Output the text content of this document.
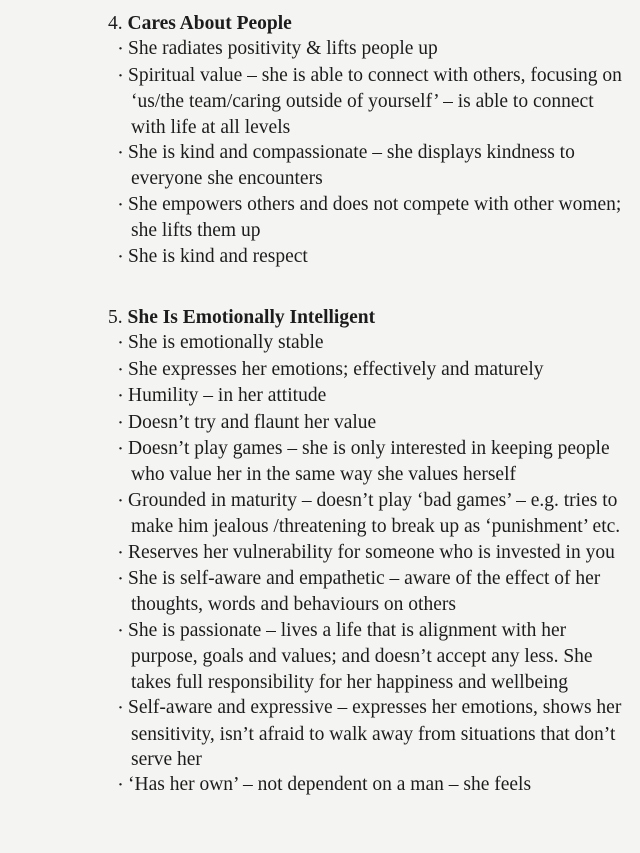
4. Cares About People
· She radiates positivity & lifts people up
· Spiritual value – she is able to connect with others, focusing on ‘us/the team/caring outside of yourself’ – is able to connect with life at all levels
· She is kind and compassionate – she displays kindness to everyone she encounters
· She empowers others and does not compete with other women; she lifts them up
· She is kind and respect
5. She Is Emotionally Intelligent
· She is emotionally stable
· She expresses her emotions; effectively and maturely
· Humility – in her attitude
· Doesn’t try and flaunt her value
· Doesn’t play games – she is only interested in keeping people who value her in the same way she values herself
· Grounded in maturity – doesn’t play ‘bad games’ – e.g. tries to make him jealous /threatening to break up as ‘punishment’ etc.
· Reserves her vulnerability for someone who is invested in you
· She is self-aware and empathetic – aware of the effect of her thoughts, words and behaviours on others
· She is passionate – lives a life that is alignment with her purpose, goals and values; and doesn’t accept any less. She takes full responsibility for her happiness and wellbeing
· Self-aware and expressive – expresses her emotions, shows her sensitivity, isn’t afraid to walk away from situations that don’t serve her
· ‘Has her own’ – not dependent on a man – she feels
